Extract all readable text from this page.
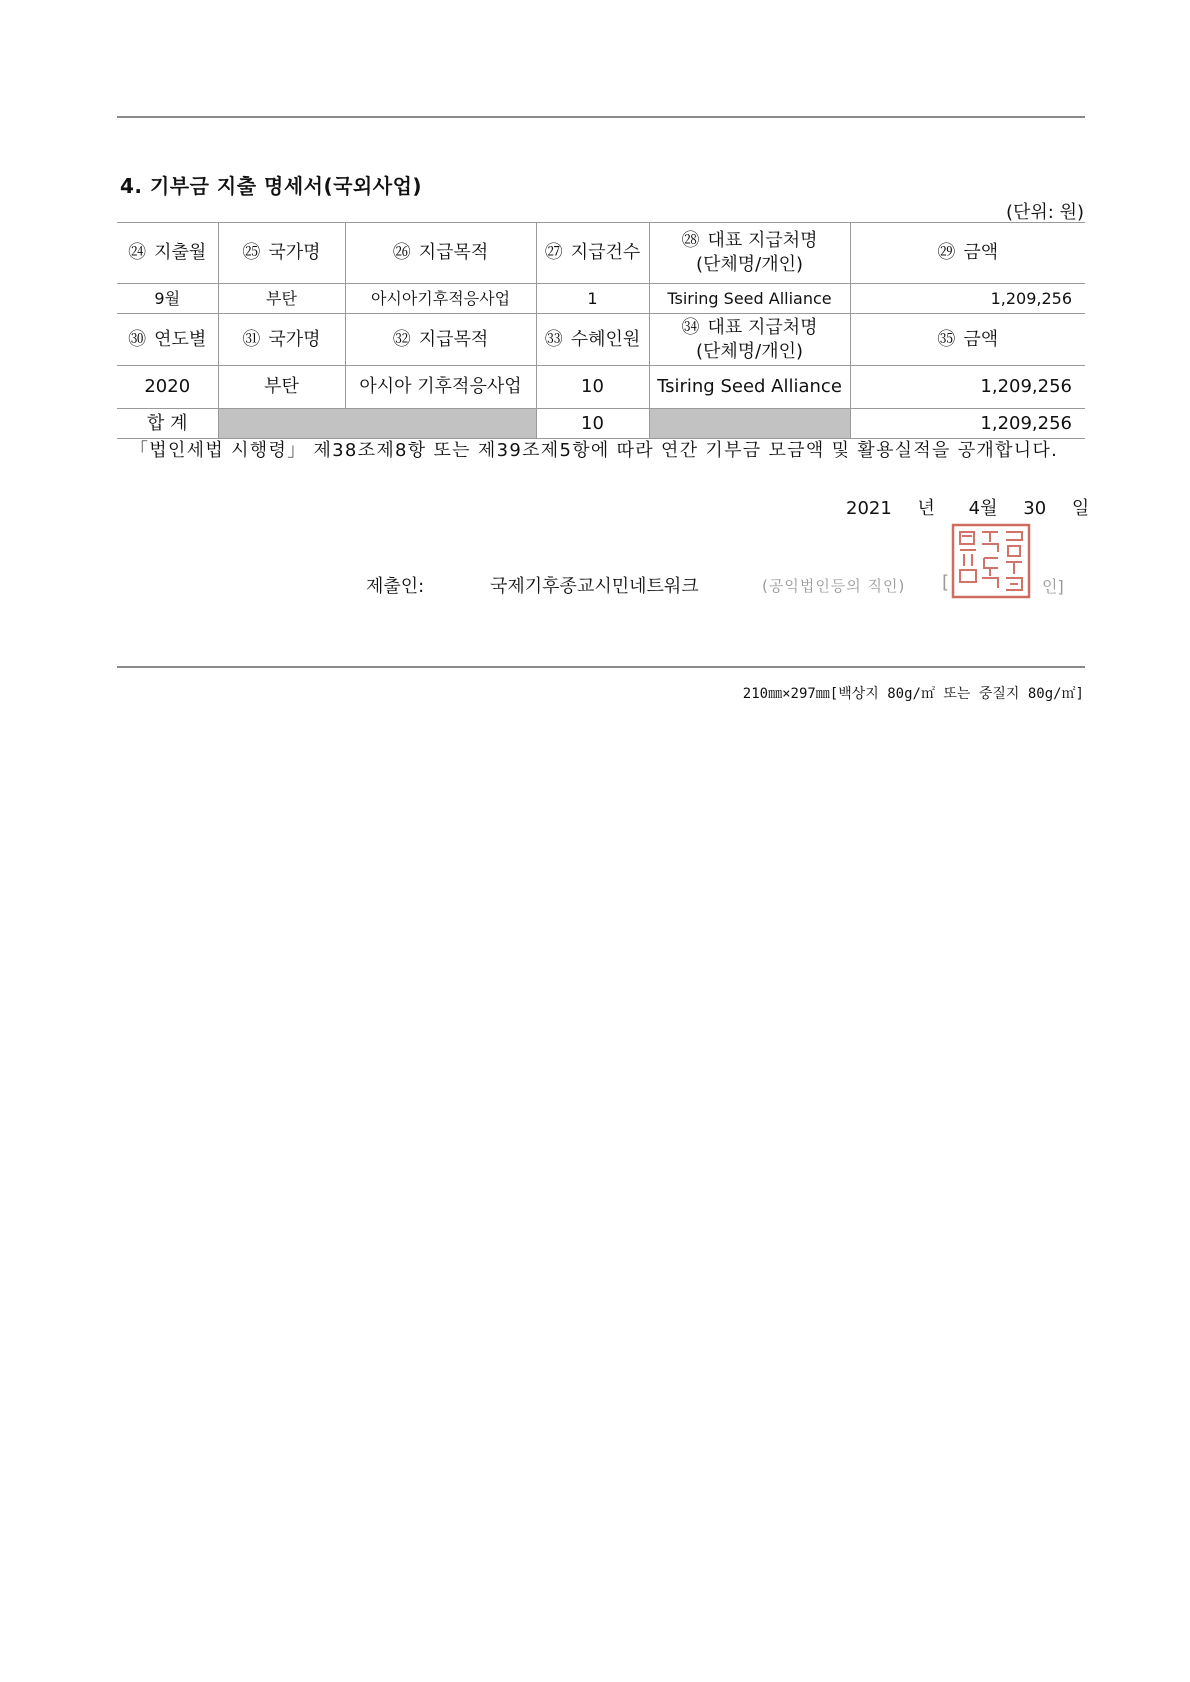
4. 기부금 지출 명세서(국외사업)
(단위: 원)
㉔ 지출월	㉕ 국가명	㉖ 지급목적	㉗ 지급건수	㉘ 대표 지급처명
(단체명/개인)	㉙ 금액
9월	부탄	아시아기후적응사업	1	Tsiring Seed Alliance	1,209,256
㉚ 연도별	㉛ 국가명	㉜ 지급목적	㉝ 수혜인원	㉞ 대표 지급처명
(단체명/개인)	㉟ 금액
2020	부탄	아시아 기후적응사업	10	Tsiring Seed Alliance	1,209,256
합 계			10		1,209,256
「법인세법 시행령」 제38조제8항 또는 제39조제5항에 따라 연간 기부금 모금액 및 활용실적을 공개합니다.
2021 년 4월 30 일
제출인:	국제기후종교시민네트워크	(공익법인등의 직인) [	인]
210㎜×297㎜[백상지 80g/㎡ 또는 중질지 80g/㎡]
